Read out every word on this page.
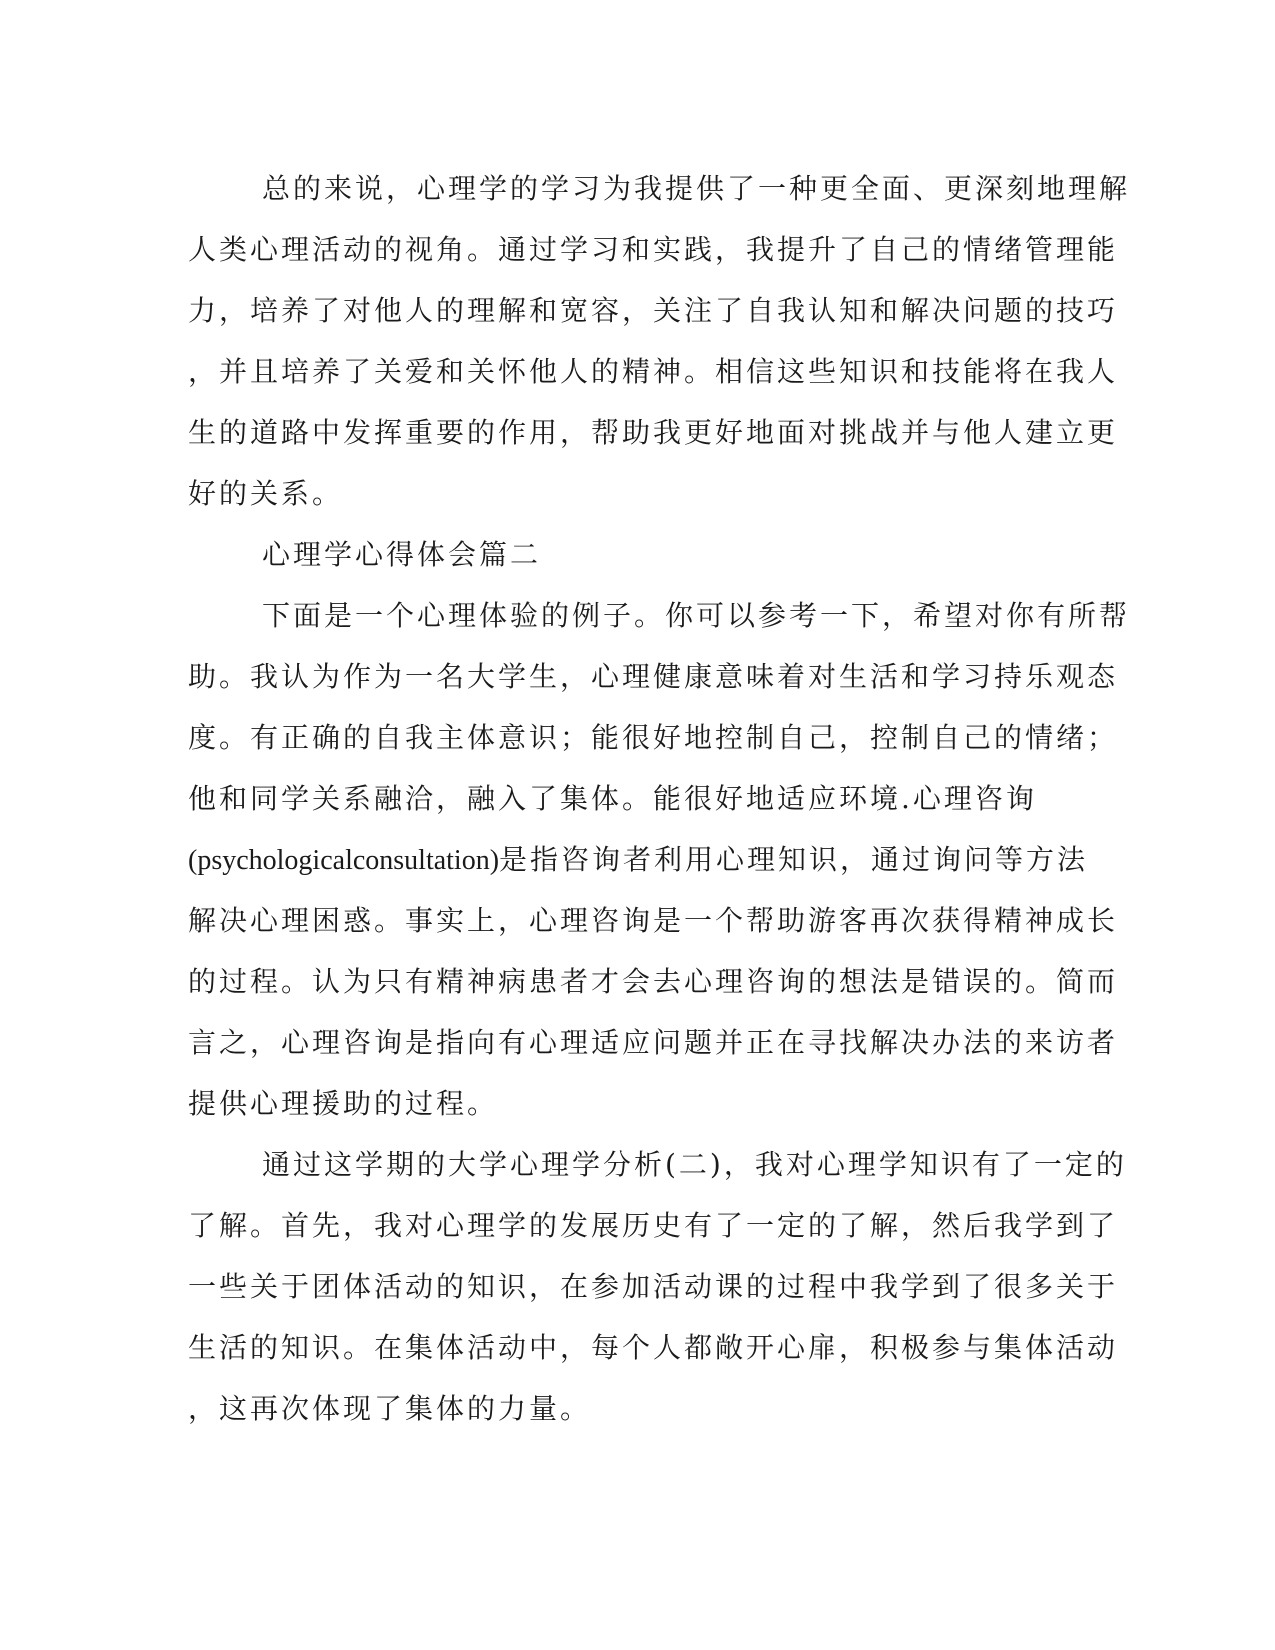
总的来说，心理学的学习为我提供了一种更全面、更深刻地理解
人类心理活动的视角。通过学习和实践，我提升了自己的情绪管理能
力，培养了对他人的理解和宽容，关注了自我认知和解决问题的技巧
，并且培养了关爱和关怀他人的精神。相信这些知识和技能将在我人
生的道路中发挥重要的作用，帮助我更好地面对挑战并与他人建立更
好的关系。
心理学心得体会篇二
下面是一个心理体验的例子。你可以参考一下，希望对你有所帮
助。我认为作为一名大学生，心理健康意味着对生活和学习持乐观态
度。有正确的自我主体意识；能很好地控制自己，控制自己的情绪；
他和同学关系融洽，融入了集体。能很好地适应环境.心理咨询
(psychologicalconsultation)是指咨询者利用心理知识，通过询问等方法
解决心理困惑。事实上，心理咨询是一个帮助游客再次获得精神成长
的过程。认为只有精神病患者才会去心理咨询的想法是错误的。简而
言之，心理咨询是指向有心理适应问题并正在寻找解决办法的来访者
提供心理援助的过程。
通过这学期的大学心理学分析(二)，我对心理学知识有了一定的
了解。首先，我对心理学的发展历史有了一定的了解，然后我学到了
一些关于团体活动的知识，在参加活动课的过程中我学到了很多关于
生活的知识。在集体活动中，每个人都敞开心扉，积极参与集体活动
，这再次体现了集体的力量。
